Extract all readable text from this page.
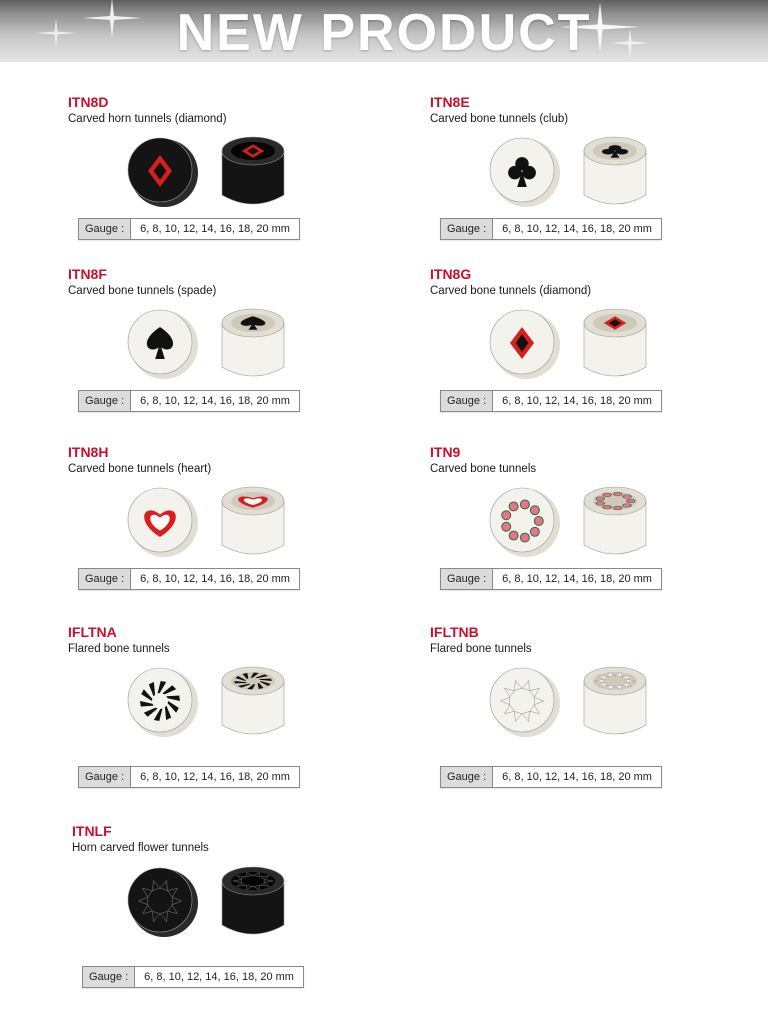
NEW PRODUCT
ITN8D
Carved horn tunnels (diamond)
Gauge :	6, 8, 10, 12, 14, 16, 18, 20 mm
ITN8E
Carved bone tunnels (club)
Gauge :	6, 8, 10, 12, 14, 16, 18, 20 mm
ITN8F
Carved bone tunnels (spade)
Gauge :	6, 8, 10, 12, 14, 16, 18, 20 mm
ITN8G
Carved bone tunnels (diamond)
Gauge :	6, 8, 10, 12, 14, 16, 18, 20 mm
ITN8H
Carved bone tunnels (heart)
Gauge :	6, 8, 10, 12, 14, 16, 18, 20 mm
ITN9
Carved bone tunnels
Gauge :	6, 8, 10, 12, 14, 16, 18, 20 mm
IFLTNA
Flared bone tunnels
Gauge :	6, 8, 10, 12, 14, 16, 18, 20 mm
IFLTNB
Flared bone tunnels
Gauge :	6, 8, 10, 12, 14, 16, 18, 20 mm
ITNLF
Horn carved flower tunnels
Gauge :	6, 8, 10, 12, 14, 16, 18, 20 mm
